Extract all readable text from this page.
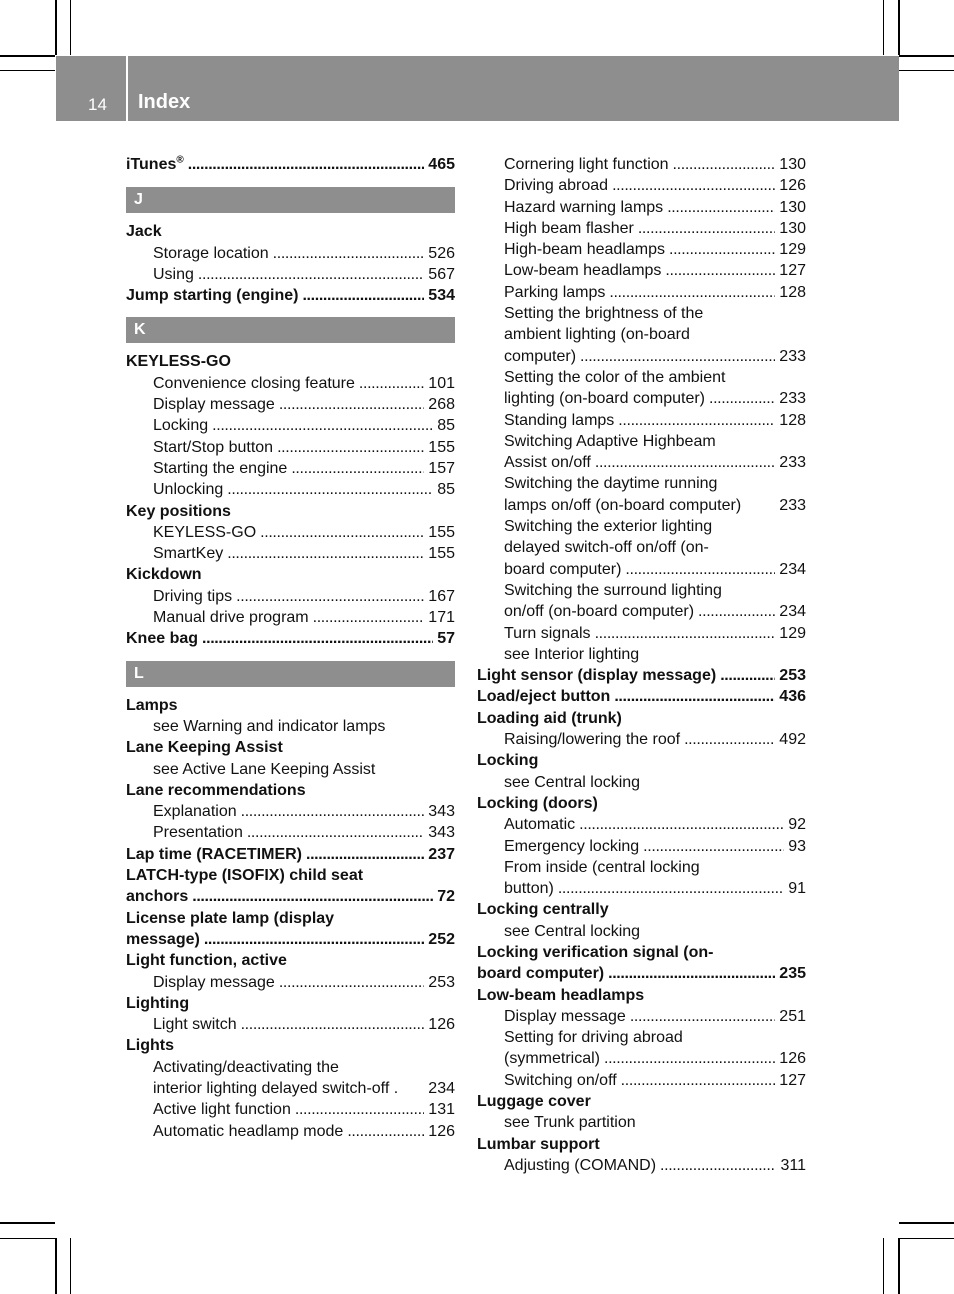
14 Index
iTunes® . . .	465
J
Jack
Storage location . . .	526
Using . . .	567
Jump starting (engine) . . .	534
K
KEYLESS-GO
Convenience closing feature . . .	101
Display message . . .	268
Locking . . .	85
Start/Stop button . . .	155
Starting the engine . . .	157
Unlocking . . .	85
Key positions
KEYLESS-GO . . .	155
SmartKey . . .	155
Kickdown
Driving tips . . .	167
Manual drive program . . .	171
Knee bag . . .	57
L
Lamps
see Warning and indicator lamps
Lane Keeping Assist
see Active Lane Keeping Assist
Lane recommendations
Explanation . . .	343
Presentation . . .	343
Lap time (RACETIMER) . . .	237
LATCH-type (ISOFIX) child seat
anchors . . .	72
License plate lamp (display
message) . . .	252
Light function, active
Display message . . .	253
Lighting
Light switch . . .	126
Lights
Activating/deactivating the
interior lighting delayed switch-off . 234
Active light function . . .	131
Automatic headlamp mode . . .	126
Cornering light function . . .	130
Driving abroad . . .	126
Hazard warning lamps . . .	130
High beam flasher . . .	130
High-beam headlamps . . .	129
Low-beam headlamps . . .	127
Parking lamps . . .	128
Setting the brightness of the
ambient lighting (on-board
computer) . . .	233
Setting the color of the ambient
lighting (on-board computer) . . .	233
Standing lamps . . .	128
Switching Adaptive Highbeam
Assist on/off . . .	233
Switching the daytime running
lamps on/off (on-board computer) 233
Switching the exterior lighting
delayed switch-off on/off (on-
board computer) . . .	234
Switching the surround lighting
on/off (on-board computer) . . .	234
Turn signals . . .	129
see Interior lighting
Light sensor (display message) . . .	253
Load/eject button . . .	436
Loading aid (trunk)
Raising/lowering the roof . . .	492
Locking
see Central locking
Locking (doors)
Automatic . . .	92
Emergency locking . . .	93
From inside (central locking
button) . . .	91
Locking centrally
see Central locking
Locking verification signal (on-
board computer) . . .	235
Low-beam headlamps
Display message . . .	251
Setting for driving abroad
(symmetrical) . . .	126
Switching on/off . . .	127
Luggage cover
see Trunk partition
Lumbar support
Adjusting (COMAND) . . .	311
